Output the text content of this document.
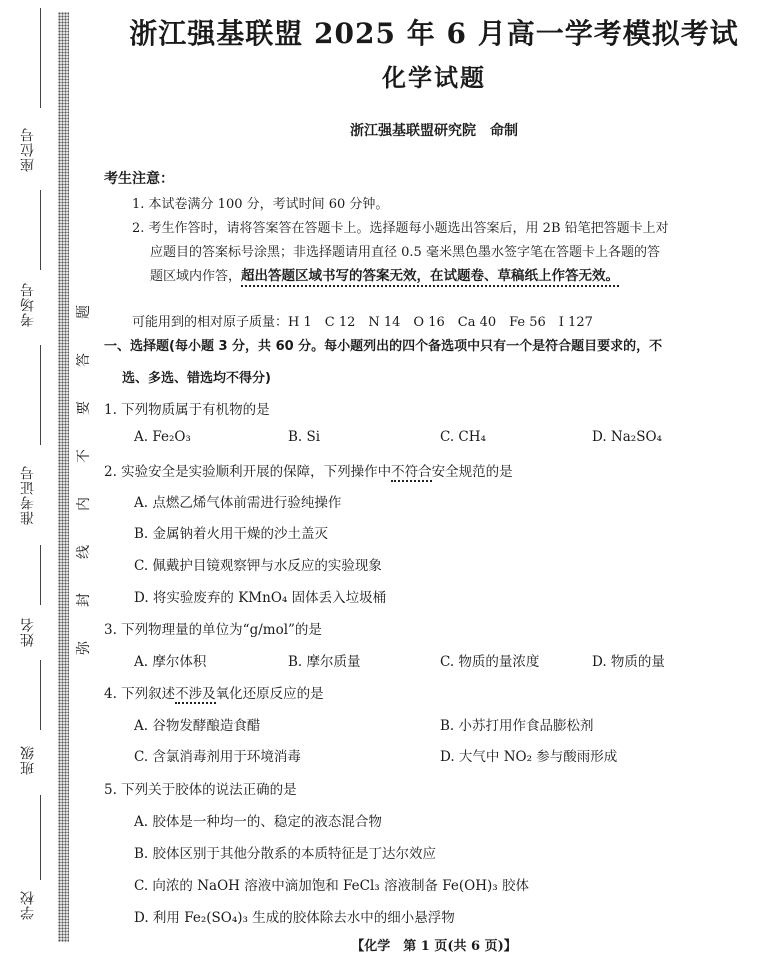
座位号
考场号
准考证号
姓名
班级
学校
题
答
要
不
内
线
封
弥
浙江强基联盟 2025 年 6 月高一学考模拟考试
化学试题
浙江强基联盟研究院　命制
考生注意：
1. 本试卷满分 100 分，考试时间 60 分钟。
2. 考生作答时，请将答案答在答题卡上。选择题每小题选出答案后，用 2B 铅笔把答题卡上对
应题目的答案标号涂黑；非选择题请用直径 0.5 毫米黑色墨水签字笔在答题卡上各题的答
题区域内作答，超出答题区域书写的答案无效，在试题卷、草稿纸上作答无效。
可能用到的相对原子质量：H 1　C 12　N 14　O 16　Ca 40　Fe 56　I 127
一、选择题(每小题 3 分，共 60 分。每小题列出的四个备选项中只有一个是符合题目要求的，不
选、多选、错选均不得分)
1. 下列物质属于有机物的是
A. Fe₂O₃	B. Si	C. CH₄	D. Na₂SO₄
2. 实验安全是实验顺利开展的保障，下列操作中不符合安全规范的是
A. 点燃乙烯气体前需进行验纯操作
B. 金属钠着火用干燥的沙土盖灭
C. 佩戴护目镜观察钾与水反应的实验现象
D. 将实验废弃的 KMnO₄ 固体丢入垃圾桶
3. 下列物理量的单位为“g/mol”的是
A. 摩尔体积	B. 摩尔质量	C. 物质的量浓度	D. 物质的量
4. 下列叙述不涉及氧化还原反应的是
A. 谷物发酵酿造食醋	B. 小苏打用作食品膨松剂
C. 含氯消毒剂用于环境消毒	D. 大气中 NO₂ 参与酸雨形成
5. 下列关于胶体的说法正确的是
A. 胶体是一种均一的、稳定的液态混合物
B. 胶体区别于其他分散系的本质特征是丁达尔效应
C. 向浓的 NaOH 溶液中滴加饱和 FeCl₃ 溶液制备 Fe(OH)₃ 胶体
D. 利用 Fe₂(SO₄)₃ 生成的胶体除去水中的细小悬浮物
【化学　第 1 页(共 6 页)】
